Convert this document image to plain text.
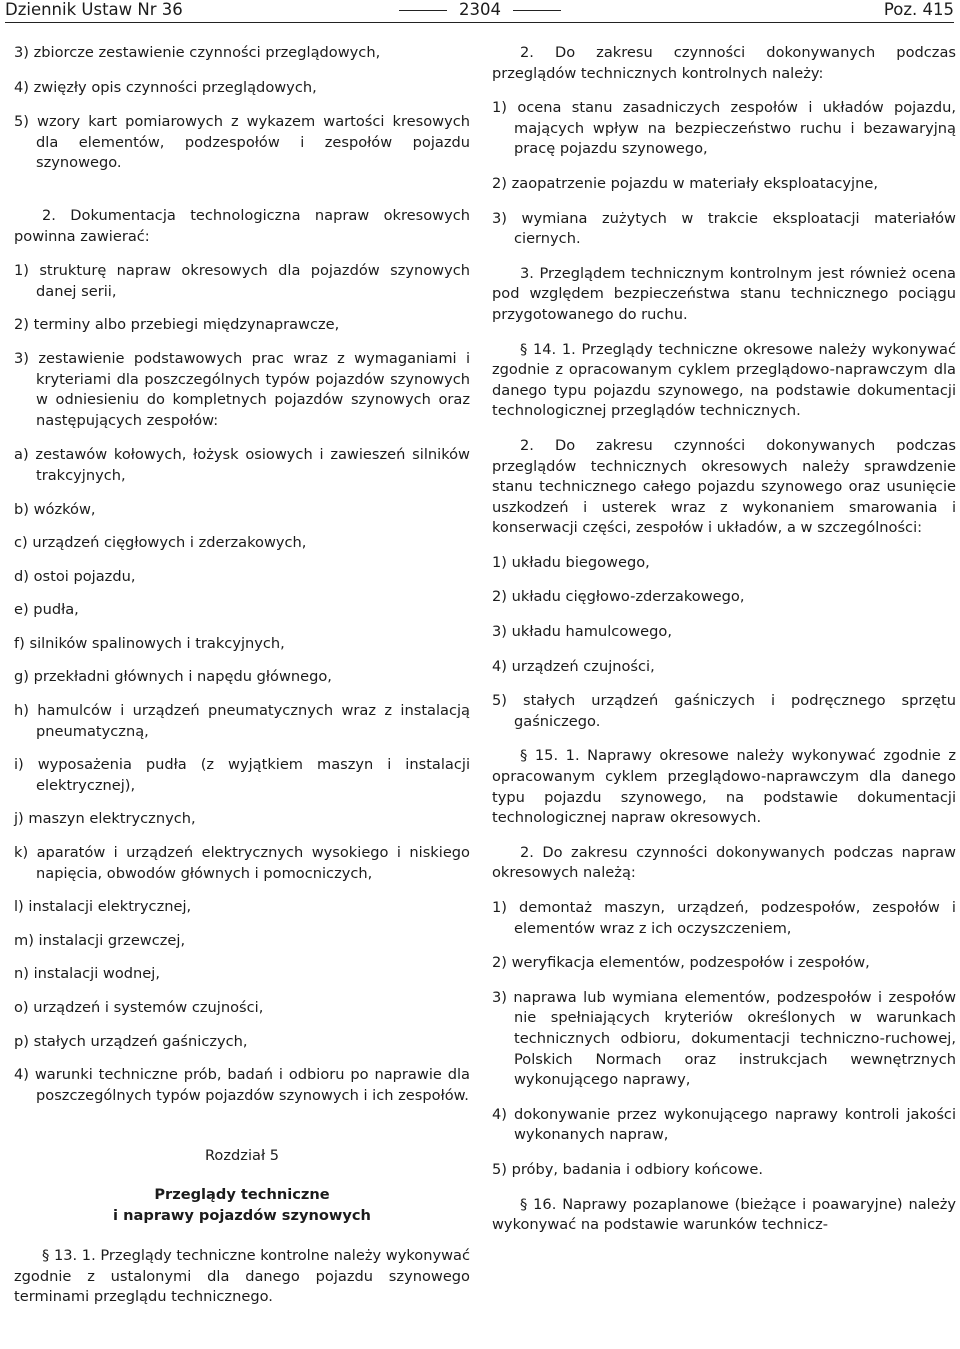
Dziennik Ustaw Nr 36	2304	Poz. 415

3) zbiorcze zestawienie czynności przeglądowych,

4) zwięzły opis czynności przeglądowych,

5) wzory kart pomiarowych z wykazem wartości kresowych dla elementów, podzespołów i zespołów pojazdu szynowego.

2. Dokumentacja technologiczna napraw okresowych powinna zawierać:

1) strukturę napraw okresowych dla pojazdów szynowych danej serii,

2) terminy albo przebiegi międzynaprawcze,

3) zestawienie podstawowych prac wraz z wymaganiami i kryteriami dla poszczególnych typów pojazdów szynowych w odniesieniu do kompletnych pojazdów szynowych oraz następujących zespołów:

a) zestawów kołowych, łożysk osiowych i zawieszeń silników trakcyjnych,

b) wózków,

c) urządzeń cięgłowych i zderzakowych,

d) ostoi pojazdu,

e) pudła,

f) silników spalinowych i trakcyjnych,

g) przekładni głównych i napędu głównego,

h) hamulców i urządzeń pneumatycznych wraz z instalacją pneumatyczną,

i) wyposażenia pudła (z wyjątkiem maszyn i instalacji elektrycznej),

j) maszyn elektrycznych,

k) aparatów i urządzeń elektrycznych wysokiego i niskiego napięcia, obwodów głównych i pomocniczych,

l) instalacji elektrycznej,

m) instalacji grzewczej,

n) instalacji wodnej,

o) urządzeń i systemów czujności,

p) stałych urządzeń gaśniczych,

4) warunki techniczne prób, badań i odbioru po naprawie dla poszczególnych typów pojazdów szynowych i ich zespołów.

Rozdział 5

Przeglądy techniczne

i naprawy pojazdów szynowych

§ 13. 1. Przeglądy techniczne kontrolne należy wykonywać zgodnie z ustalonymi dla danego pojazdu szynowego terminami przeglądu technicznego.

2. Do zakresu czynności dokonywanych podczas przeglądów technicznych kontrolnych należy:

1) ocena stanu zasadniczych zespołów i układów pojazdu, mających wpływ na bezpieczeństwo ruchu i bezawaryjną pracę pojazdu szynowego,

2) zaopatrzenie pojazdu w materiały eksploatacyjne,

3) wymiana zużytych w trakcie eksploatacji materiałów ciernych.

3. Przeglądem technicznym kontrolnym jest również ocena pod względem bezpieczeństwa stanu technicznego pociągu przygotowanego do ruchu.

§ 14. 1. Przeglądy techniczne okresowe należy wykonywać zgodnie z opracowanym cyklem przeglądowo-naprawczym dla danego typu pojazdu szynowego, na podstawie dokumentacji technologicznej przeglądów technicznych.

2. Do zakresu czynności dokonywanych podczas przeglądów technicznych okresowych należy sprawdzenie stanu technicznego całego pojazdu szynowego oraz usunięcie uszkodzeń i usterek wraz z wykonaniem smarowania i konserwacji części, zespołów i układów, a w szczególności:

1) układu biegowego,

2) układu cięgłowo-zderzakowego,

3) układu hamulcowego,

4) urządzeń czujności,

5) stałych urządzeń gaśniczych i podręcznego sprzętu gaśniczego.

§ 15. 1. Naprawy okresowe należy wykonywać zgodnie z opracowanym cyklem przeglądowo-naprawczym dla danego typu pojazdu szynowego, na podstawie dokumentacji technologicznej napraw okresowych.

2. Do zakresu czynności dokonywanych podczas napraw okresowych należą:

1) demontaż maszyn, urządzeń, podzespołów, zespołów i elementów wraz z ich oczyszczeniem,

2) weryfikacja elementów, podzespołów i zespołów,

3) naprawa lub wymiana elementów, podzespołów i zespołów nie spełniających kryteriów określonych w warunkach technicznych odbioru, dokumentacji techniczno-ruchowej, Polskich Normach oraz instrukcjach wewnętrznych wykonującego naprawy,

4) dokonywanie przez wykonującego naprawy kontroli jakości wykonanych napraw,

5) próby, badania i odbiory końcowe.

§ 16. Naprawy pozaplanowe (bieżące i poawaryjne) należy wykonywać na podstawie warunków technicz-
